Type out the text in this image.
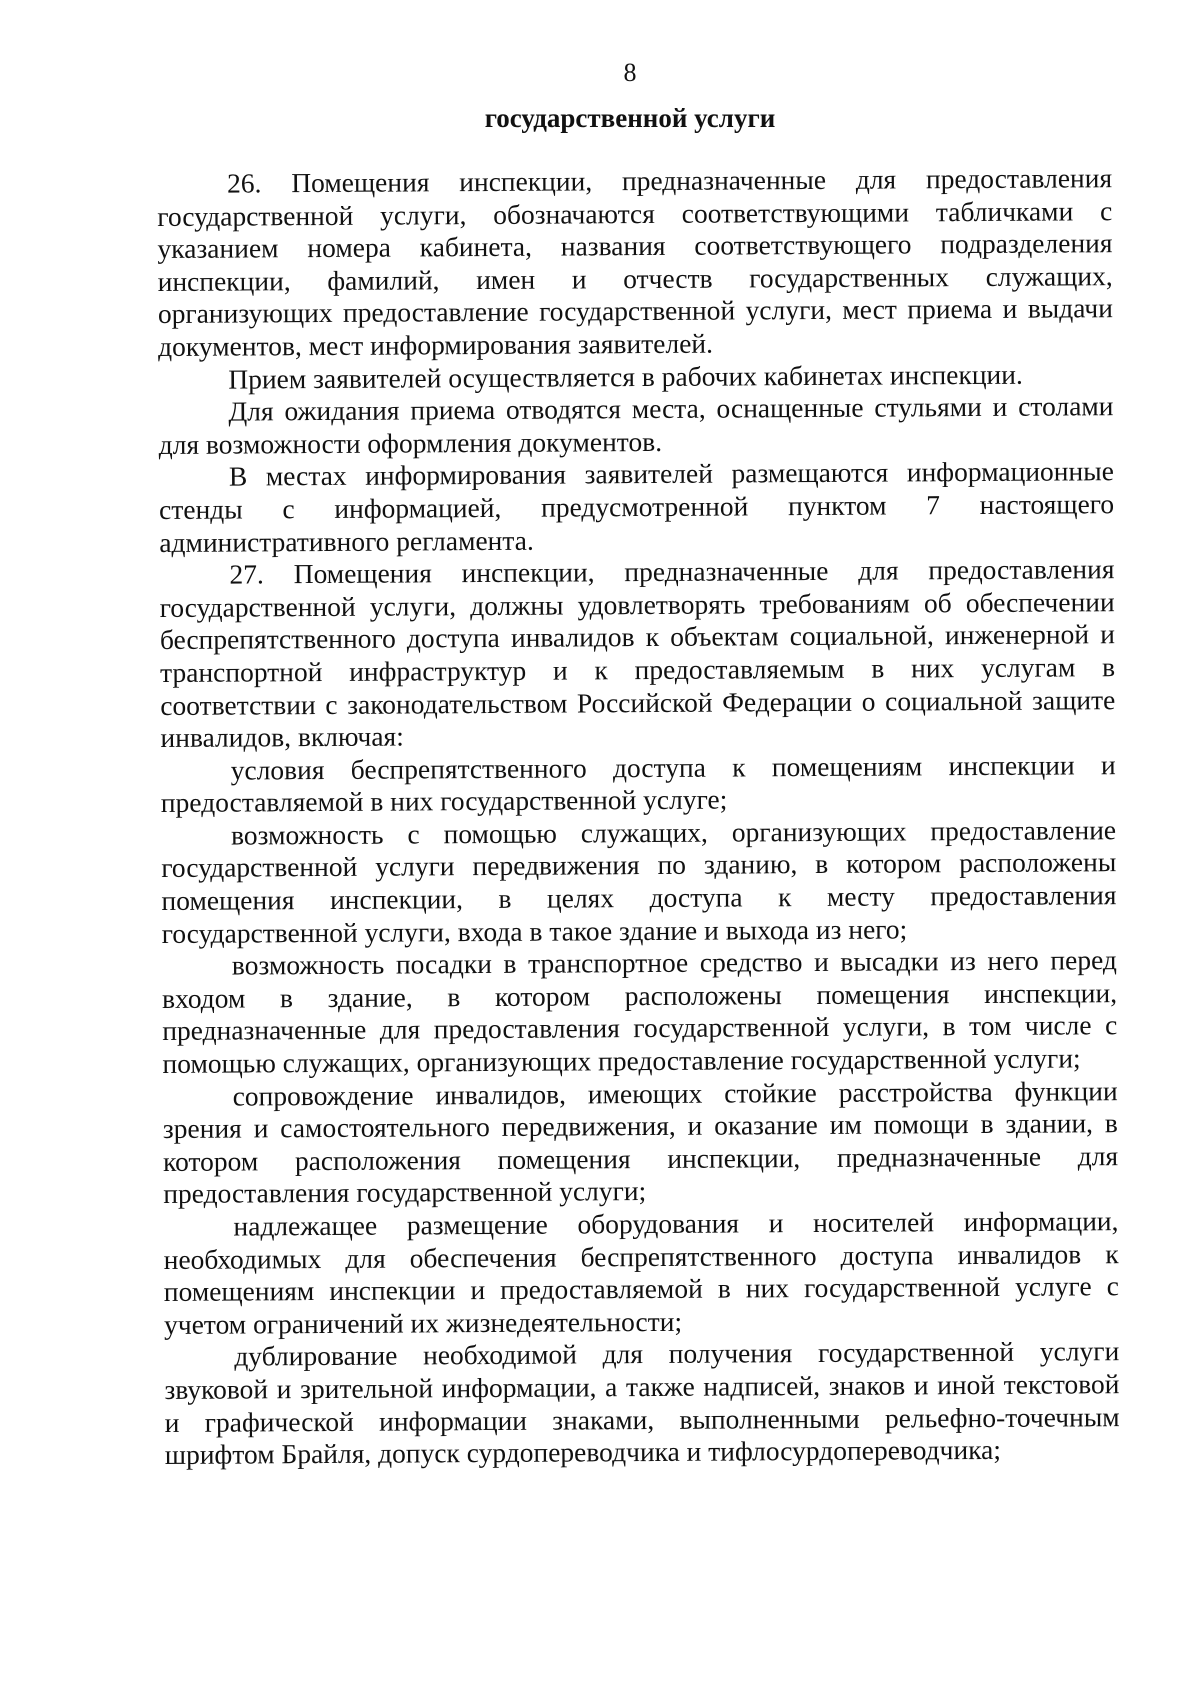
8
государственной услуги

26. Помещения инспекции, предназначенные для предоставления государственной услуги, обозначаются соответствующими табличками с указанием номера кабинета, названия соответствующего подразделения инспекции, фамилий, имен и отчеств государственных служащих, организующих предоставление государственной услуги, мест приема и выдачи документов, мест информирования заявителей.

Прием заявителей осуществляется в рабочих кабинетах инспекции.

Для ожидания приема отводятся места, оснащенные стульями и столами для возможности оформления документов.

В местах информирования заявителей размещаются информационные стенды с информацией, предусмотренной пунктом 7 настоящего административного регламента.

27. Помещения инспекции, предназначенные для предоставления государственной услуги, должны удовлетворять требованиям об обеспечении беспрепятственного доступа инвалидов к объектам социальной, инженерной и транспортной инфраструктур и к предоставляемым в них услугам в соответствии с законодательством Российской Федерации о социальной защите инвалидов, включая:

условия беспрепятственного доступа к помещениям инспекции и предоставляемой в них государственной услуге;

возможность с помощью служащих, организующих предоставление государственной услуги передвижения по зданию, в котором расположены помещения инспекции, в целях доступа к месту предоставления государственной услуги, входа в такое здание и выхода из него;

возможность посадки в транспортное средство и высадки из него перед входом в здание, в котором расположены помещения инспекции, предназначенные для предоставления государственной услуги, в том числе с помощью служащих, организующих предоставление государственной услуги;

сопровождение инвалидов, имеющих стойкие расстройства функции зрения и самостоятельного передвижения, и оказание им помощи в здании, в котором расположения помещения инспекции, предназначенные для предоставления государственной услуги;

надлежащее размещение оборудования и носителей информации, необходимых для обеспечения беспрепятственного доступа инвалидов к помещениям инспекции и предоставляемой в них государственной услуге с учетом ограничений их жизнедеятельности;

дублирование необходимой для получения государственной услуги звуковой и зрительной информации, а также надписей, знаков и иной текстовой и графической информации знаками, выполненными рельефно-точечным шрифтом Брайля, допуск сурдопереводчика и тифлосурдопереводчика;
